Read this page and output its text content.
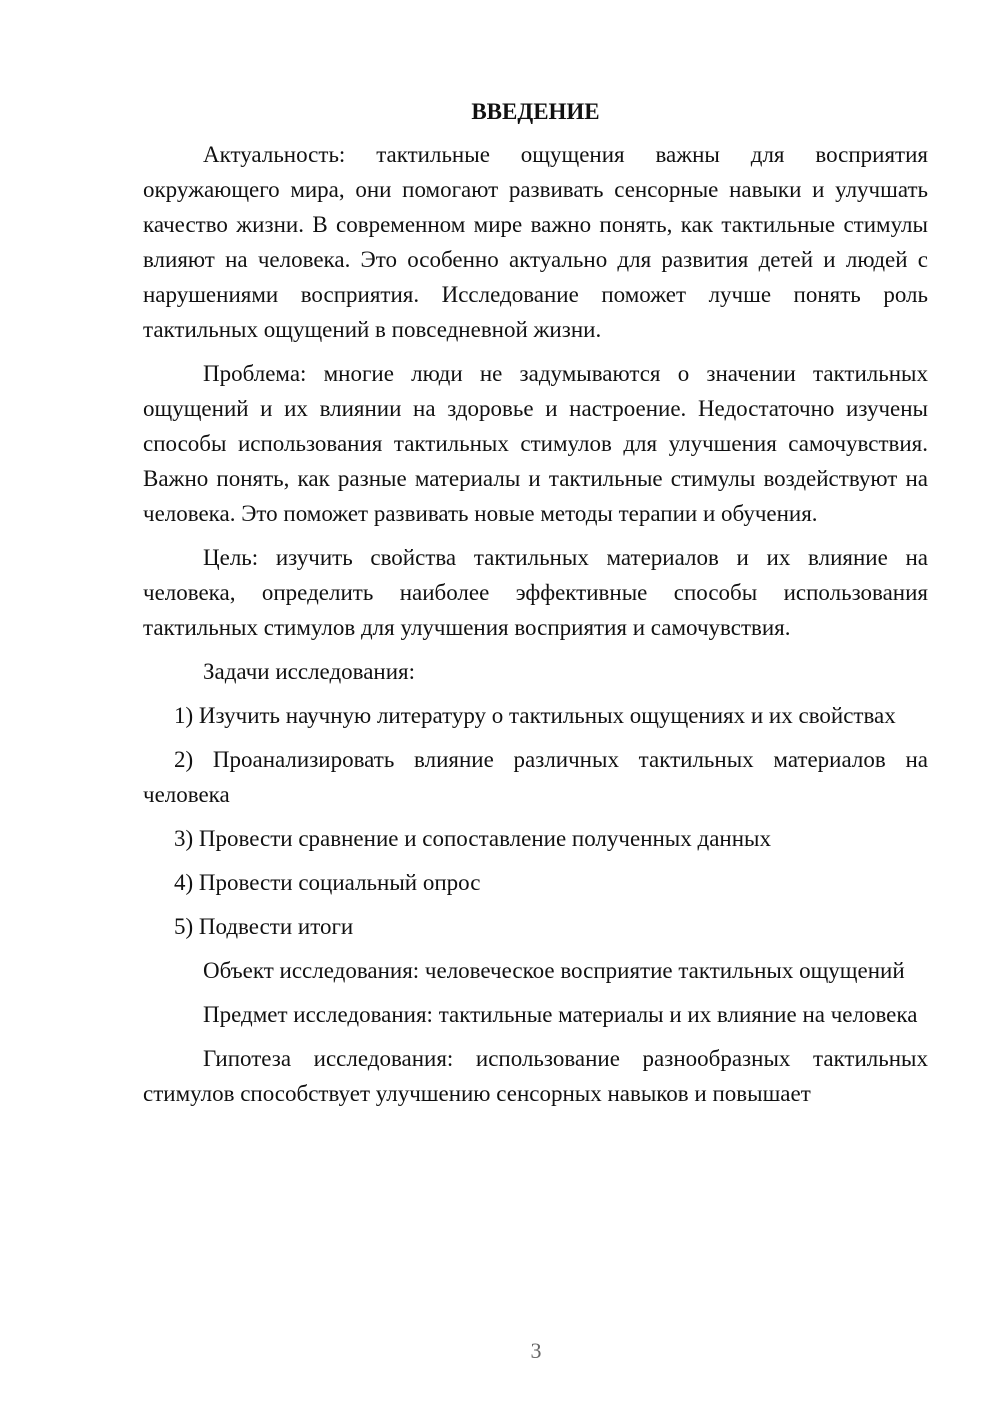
ВВЕДЕНИЕ

Актуальность: тактильные ощущения важны для восприятия окружающего мира, они помогают развивать сенсорные навыки и улучшать качество жизни. В современном мире важно понять, как тактильные стимулы влияют на человека. Это особенно актуально для развития детей и людей с нарушениями восприятия. Исследование поможет лучше понять роль тактильных ощущений в повседневной жизни.

Проблема: многие люди не задумываются о значении тактильных ощущений и их влиянии на здоровье и настроение. Недостаточно изучены способы использования тактильных стимулов для улучшения самочувствия. Важно понять, как разные материалы и тактильные стимулы воздействуют на человека. Это поможет развивать новые методы терапии и обучения.

Цель: изучить свойства тактильных материалов и их влияние на человека, определить наиболее эффективные способы использования тактильных стимулов для улучшения восприятия и самочувствия.

Задачи исследования:

1) Изучить научную литературу о тактильных ощущениях и их свойствах

2) Проанализировать влияние различных тактильных материалов на человека

3) Провести сравнение и сопоставление полученных данных

4) Провести социальный опрос

5) Подвести итоги

Объект исследования: человеческое восприятие тактильных ощущений

Предмет исследования: тактильные материалы и их влияние на человека

Гипотеза исследования: использование разнообразных тактильных стимулов способствует улучшению сенсорных навыков и повышает

3
